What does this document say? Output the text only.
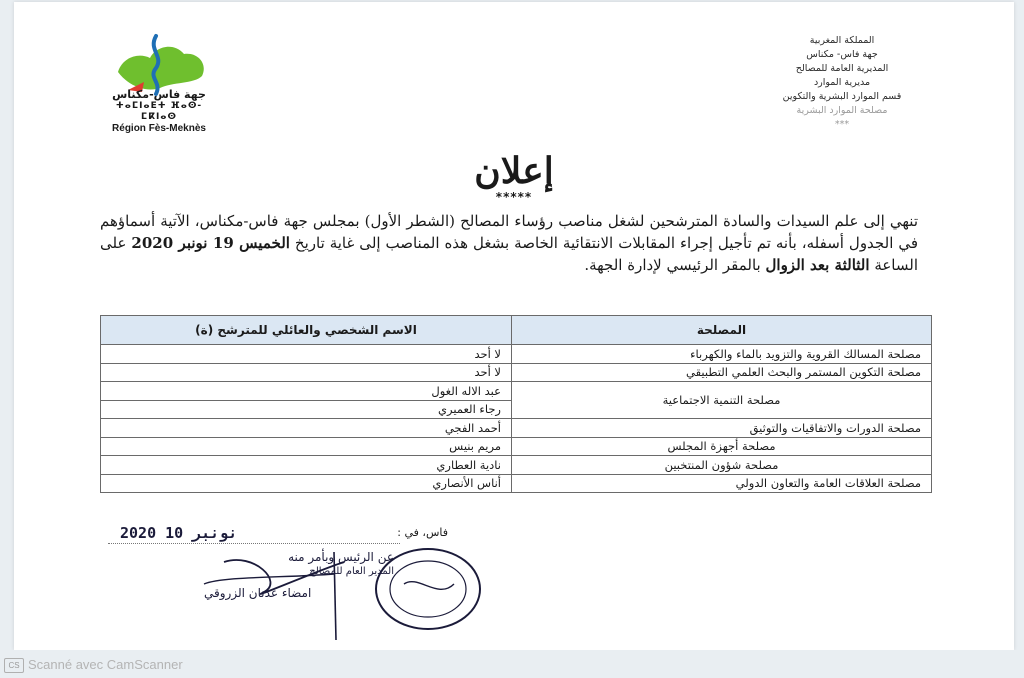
جهة فاس-مكناس
ⵜⴰⵎⵏⴰⴹⵜ ⴼⴰⵙ-ⵎⴽⵏⴰⵙ
Région Fès-Meknès
المملكة المغربية
جهة فاس- مكناس
المديرية العامة للمصالح
مديرية الموارد
قسم الموارد البشرية والتكوين
مصلحة الموارد البشرية
***
إعلان
*****
تنهي إلى علم السيدات والسادة المترشحين لشغل مناصب رؤساء المصالح (الشطر الأول) بمجلس جهة فاس-مكناس، الآتية أسماؤهم في الجدول أسفله، بأنه تم تأجيل إجراء المقابلات الانتقائية الخاصة بشغل هذه المناصب إلى غاية تاريخ الخميس 19 نونبر 2020 على الساعة الثالثة بعد الزوال بالمقر الرئيسي لإدارة الجهة.
المصلحة	الاسم الشخصي والعائلي للمترشح (ة)
مصلحة المسالك القروية والتزويد بالماء والكهرباء	لا أحد
مصلحة التكوين المستمر والبحث العلمي التطبيقي	لا أحد
مصلحة التنمية الاجتماعية	عبد الاله الغول
	رجاء العميري
مصلحة الدورات والاتفاقيات والتوثيق	أحمد الفجي
مصلحة أجهزة المجلس	مريم بنيس
مصلحة شؤون المنتخبين	نادية العطاري
مصلحة العلاقات العامة والتعاون الدولي	أناس الأنصاري
2020 10 نونبر	فاس، في :
عن الرئيس وبأمر منه
المدير العام للمصالح
امضاء عدنان الزروقي
CS Scanné avec CamScanner
